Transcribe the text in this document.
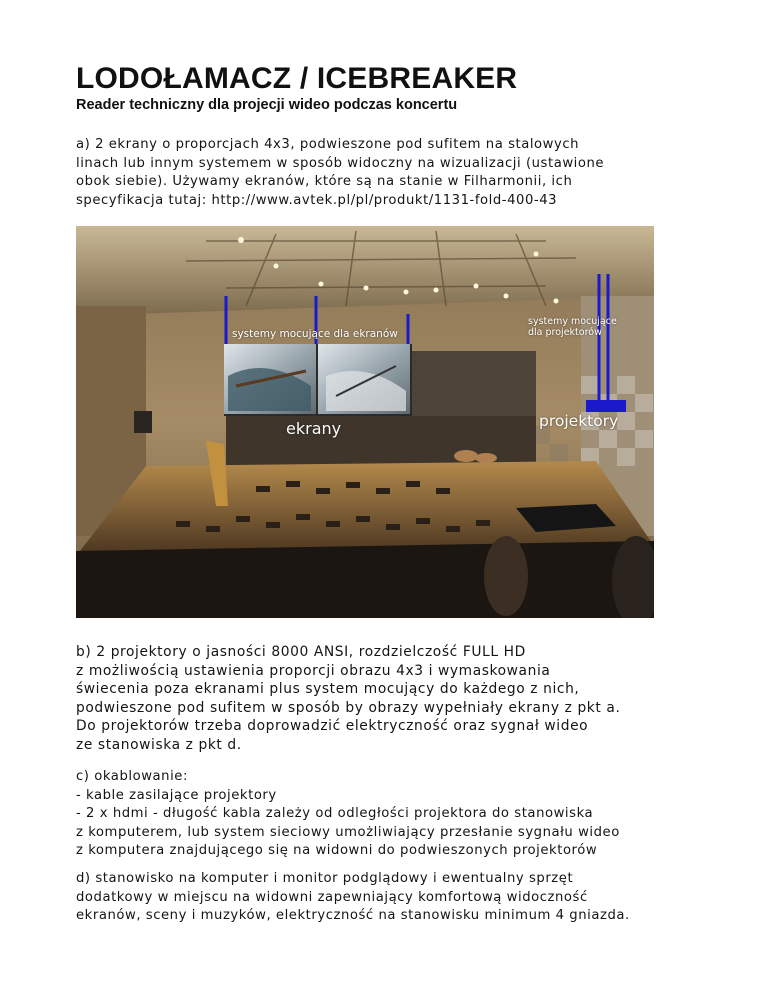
LODOŁAMACZ / ICEBREAKER
Reader techniczny dla projecji wideo podczas koncertu
a) 2 ekrany o proporcjach 4x3, podwieszone pod sufitem na stalowych
linach lub innym systemem w sposób widoczny na wizualizacji (ustawione
obok siebie). Używamy ekranów, które są na stanie w Filharmonii, ich
specyfikacja tutaj: http://www.avtek.pl/pl/produkt/1131-fold-400-43
systemy mocujące dla ekranów
systemy mocujące
dla projektorów
ekrany	projektory
b) 2 projektory o jasności 8000 ANSI, rozdzielczość FULL HD
z możliwością ustawienia proporcji obrazu 4x3 i wymaskowania
świecenia poza ekranami plus system mocujący do każdego z nich,
podwieszone pod sufitem w sposób by obrazy wypełniały ekrany z pkt a.
Do projektorów trzeba doprowadzić elektryczność oraz sygnał wideo
ze stanowiska z pkt d.
c) okablowanie:
- kable zasilające projektory
- 2 x hdmi - długość kabla zależy od odległości projektora do stanowiska
z komputerem, lub system sieciowy umożliwiający przesłanie sygnału wideo
z komputera znajdującego się na widowni do podwieszonych projektorów
d) stanowisko na komputer i monitor podglądowy i ewentualny sprzęt
dodatkowy w miejscu na widowni zapewniający komfortową widoczność
ekranów, sceny i muzyków, elektryczność na stanowisku minimum 4 gniazda.
